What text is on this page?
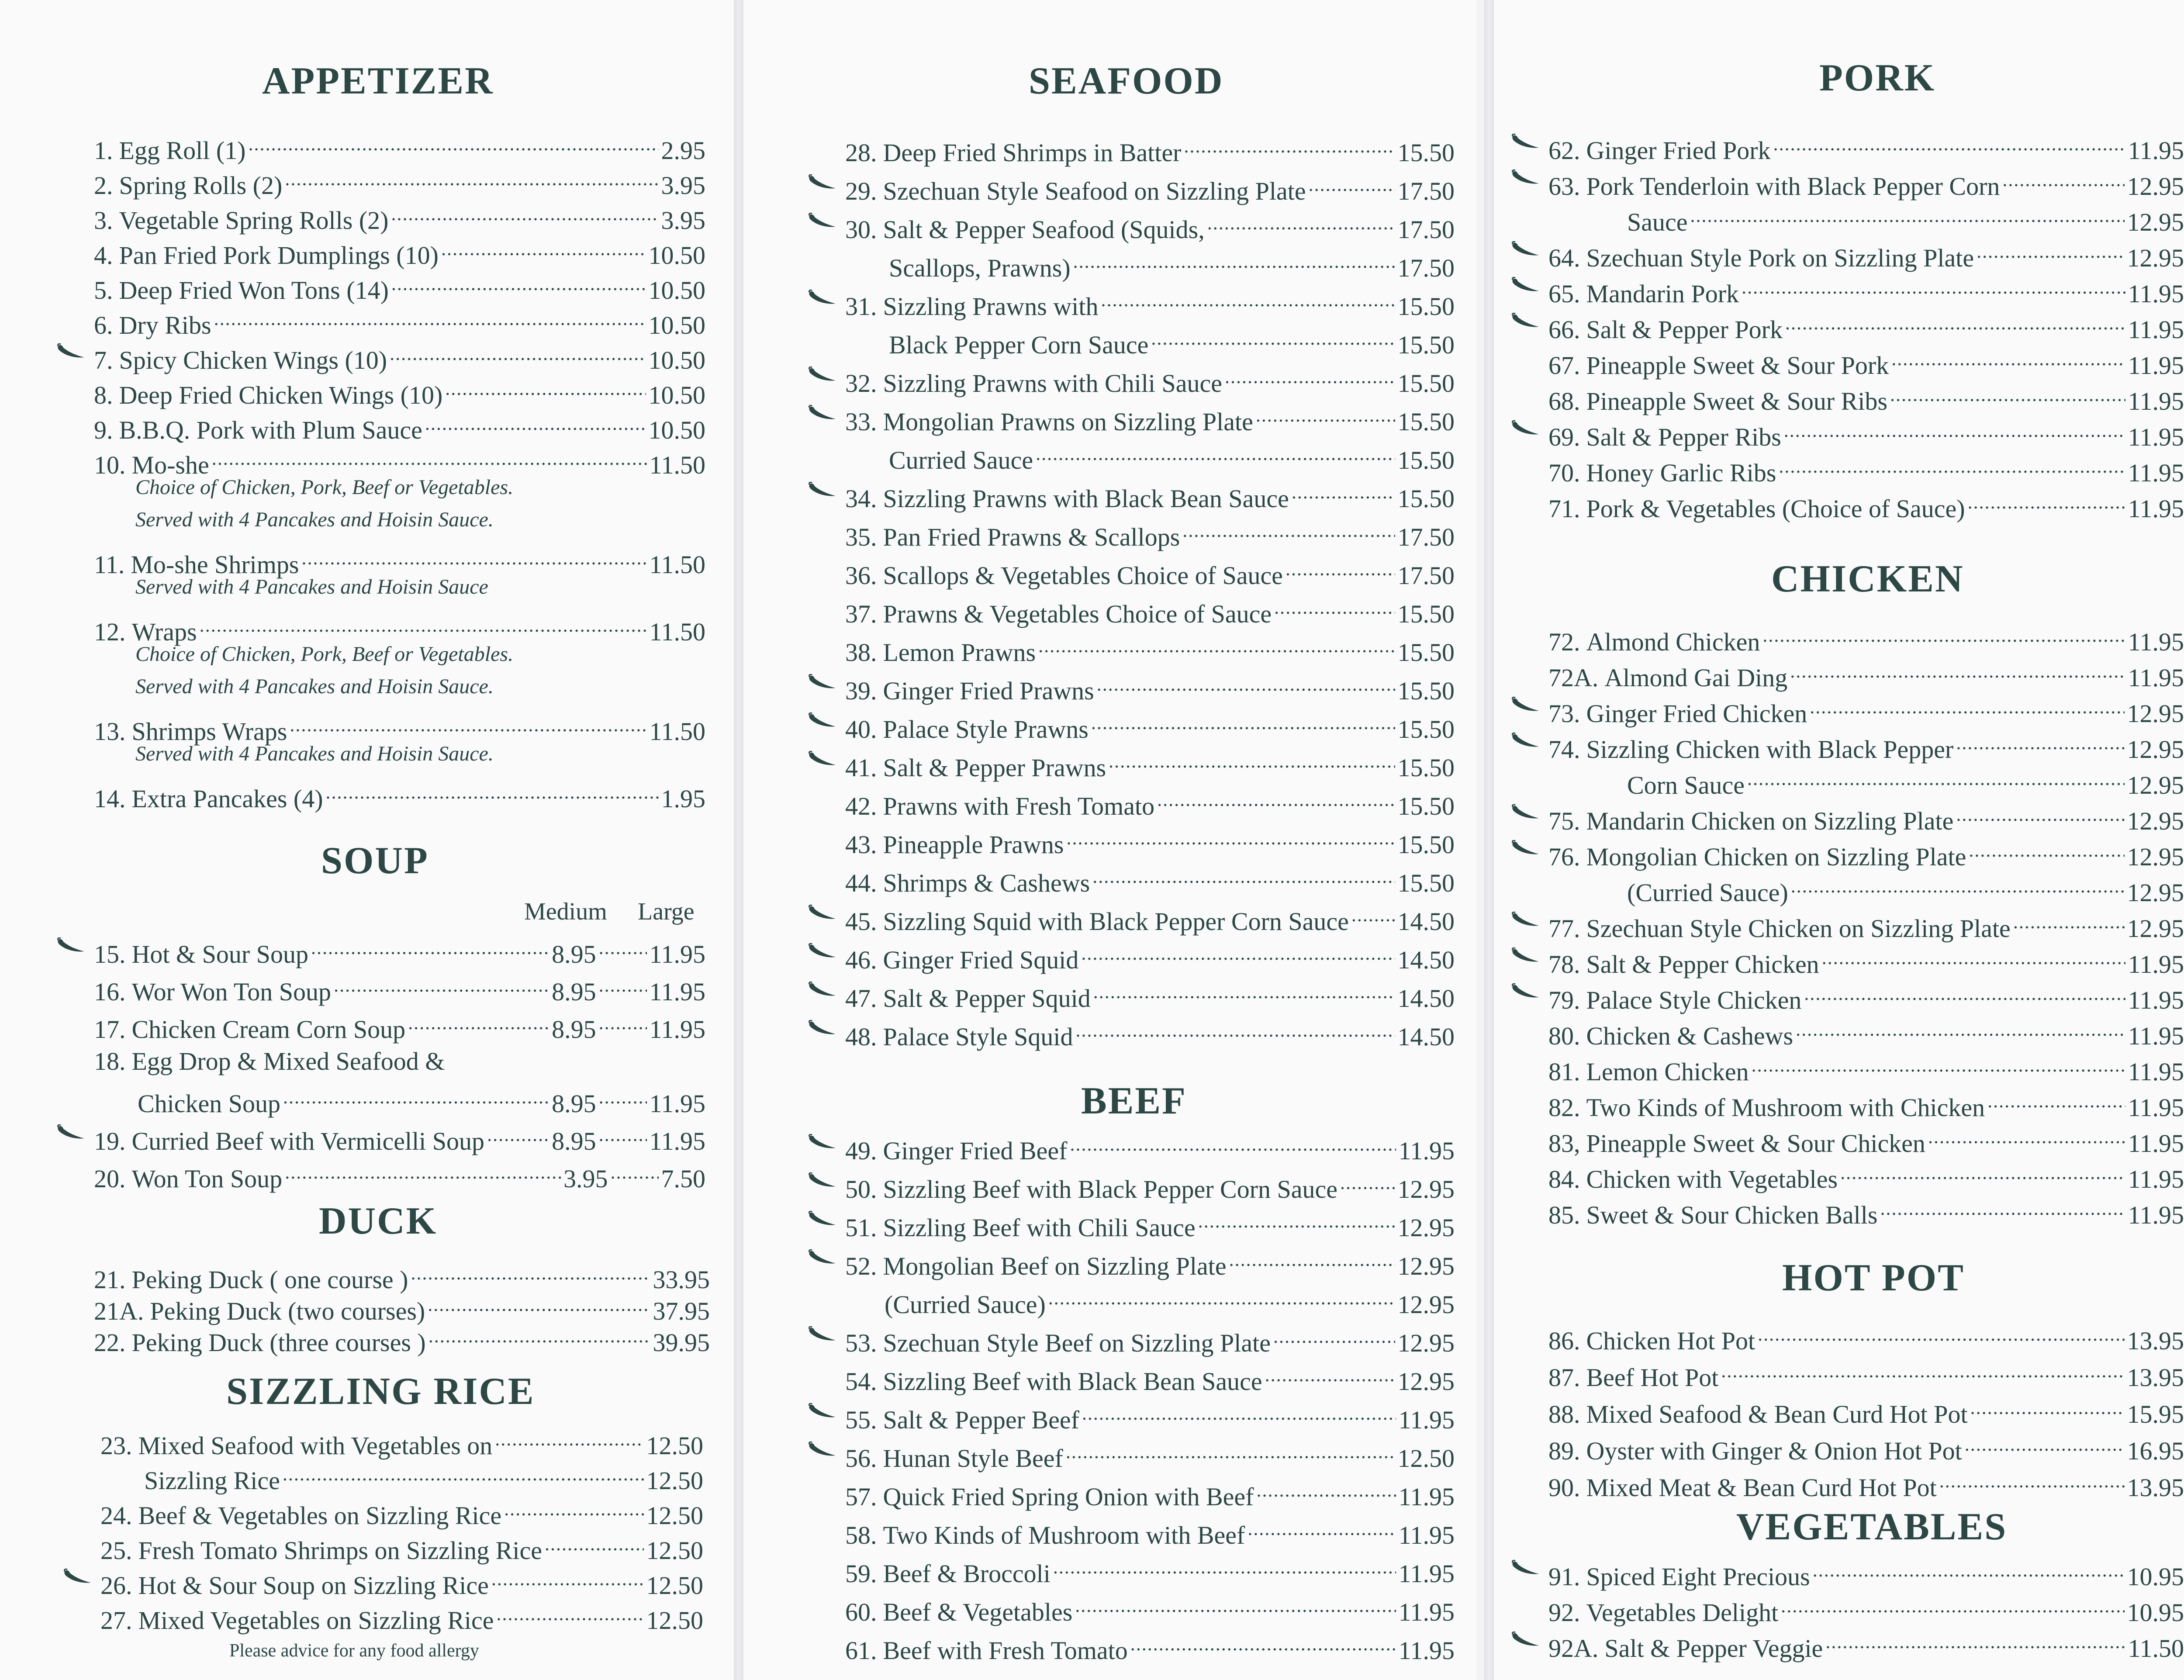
APPETIZER
1. Egg Roll (1) .....	2.95
2. Spring Rolls (2) .....	3.95
3. Vegetable Spring Rolls (2) .....	3.95
4. Pan Fried Pork Dumplings (10) .....	10.50
5. Deep Fried Won Tons (14) .....	10.50
6. Dry Ribs .....	10.50
7. Spicy Chicken Wings (10) .....	10.50
8. Deep Fried Chicken Wings (10) .....	10.50
9. B.B.Q. Pork with Plum Sauce .....	10.50
10. Mo-she .....	11.50
Choice of Chicken, Pork, Beef or Vegetables.
Served with 4 Pancakes and Hoisin Sauce.
11. Mo-she Shrimps .....	11.50
Served with 4 Pancakes and Hoisin Sauce
12. Wraps .....	11.50
Choice of Chicken, Pork, Beef or Vegetables.
Served with 4 Pancakes and Hoisin Sauce.
13. Shrimps Wraps .....	11.50
Served with 4 Pancakes and Hoisin Sauce.
14. Extra Pancakes (4) .....	1.95
SOUP
Medium Large
15. Hot & Sour Soup .....	8.95 ..... 11.95
16. Wor Won Ton Soup .....	8.95 ..... 11.95
17. Chicken Cream Corn Soup .....	8.95 ..... 11.95
18. Egg Drop & Mixed Seafood &
Chicken Soup .....	8.95 ..... 11.95
19. Curried Beef with Vermicelli Soup .....	8.95 ..... 11.95
20. Won Ton Soup .....	3.95 ..... 7.50
DUCK
21. Peking Duck ( one course ) .....	33.95
21A. Peking Duck (two courses) .....	37.95
22. Peking Duck (three courses ) .....	39.95
SIZZLING RICE
23. Mixed Seafood with Vegetables on .....	12.50
Sizzling Rice .....	12.50
24. Beef & Vegetables on Sizzling Rice .....	12.50
25. Fresh Tomato Shrimps on Sizzling Rice .....	12.50
26. Hot & Sour Soup on Sizzling Rice .....	12.50
27. Mixed Vegetables on Sizzling Rice .....	12.50
Please advice for any food allergy
SEAFOOD
28. Deep Fried Shrimps in Batter .....	15.50
29. Szechuan Style Seafood on Sizzling Plate .....	17.50
30. Salt & Pepper Seafood (Squids, .....	17.50
Scallops, Prawns) .....	17.50
31. Sizzling Prawns with .....	15.50
Black Pepper Corn Sauce .....	15.50
32. Sizzling Prawns with Chili Sauce .....	15.50
33. Mongolian Prawns on Sizzling Plate .....	15.50
Curried Sauce .....	15.50
34. Sizzling Prawns with Black Bean Sauce .....	15.50
35. Pan Fried Prawns & Scallops .....	17.50
36. Scallops & Vegetables Choice of Sauce .....	17.50
37. Prawns & Vegetables Choice of Sauce .....	15.50
38. Lemon Prawns .....	15.50
39. Ginger Fried Prawns .....	15.50
40. Palace Style Prawns .....	15.50
41. Salt & Pepper Prawns .....	15.50
42. Prawns with Fresh Tomato .....	15.50
43. Pineapple Prawns .....	15.50
44. Shrimps & Cashews .....	15.50
45. Sizzling Squid with Black Pepper Corn Sauce ..... 14.50
46. Ginger Fried Squid .....	14.50
47. Salt & Pepper Squid .....	14.50
48. Palace Style Squid .....	14.50
BEEF
49. Ginger Fried Beef .....	11.95
50. Sizzling Beef with Black Pepper Corn Sauce ..... 12.95
51. Sizzling Beef with Chili Sauce .....	12.95
52. Mongolian Beef on Sizzling Plate .....	12.95
(Curried Sauce) .....	12.95
53. Szechuan Style Beef on Sizzling Plate .....	12.95
54. Sizzling Beef with Black Bean Sauce .....	12.95
55. Salt & Pepper Beef .....	11.95
56. Hunan Style Beef .....	12.50
57. Quick Fried Spring Onion with Beef .....	11.95
58. Two Kinds of Mushroom with Beef .....	11.95
59. Beef & Broccoli .....	11.95
60. Beef & Vegetables .....	11.95
61. Beef with Fresh Tomato .....	11.95
PORK
62. Ginger Fried Pork .....	11.95
63. Pork Tenderloin with Black Pepper Corn .....	12.95
Sauce .....	12.95
64. Szechuan Style Pork on Sizzling Plate .....	12.95
65. Mandarin Pork .....	11.95
66. Salt & Pepper Pork .....	11.95
67. Pineapple Sweet & Sour Pork .....	11.95
68. Pineapple Sweet & Sour Ribs .....	11.95
69. Salt & Pepper Ribs .....	11.95
70. Honey Garlic Ribs .....	11.95
71. Pork & Vegetables (Choice of Sauce) .....	11.95
CHICKEN
72. Almond Chicken .....	11.95
72A. Almond Gai Ding .....	11.95
73. Ginger Fried Chicken .....	12.95
74. Sizzling Chicken with Black Pepper .....	12.95
Corn Sauce .....	12.95
75. Mandarin Chicken on Sizzling Plate .....	12.95
76. Mongolian Chicken on Sizzling Plate .....	12.95
(Curried Sauce) .....	12.95
77. Szechuan Style Chicken on Sizzling Plate .....	12.95
78. Salt & Pepper Chicken .....	11.95
79. Palace Style Chicken .....	11.95
80. Chicken & Cashews .....	11.95
81. Lemon Chicken .....	11.95
82. Two Kinds of Mushroom with Chicken .....	11.95
83, Pineapple Sweet & Sour Chicken .....	11.95
84. Chicken with Vegetables .....	11.95
85. Sweet & Sour Chicken Balls .....	11.95
HOT POT
86. Chicken Hot Pot .....	13.95
87. Beef Hot Pot .....	13.95
88. Mixed Seafood & Bean Curd Hot Pot .....	15.95
89. Oyster with Ginger & Onion Hot Pot .....	16.95
90. Mixed Meat & Bean Curd Hot Pot .....	13.95
VEGETABLES
91. Spiced Eight Precious .....	10.95
92. Vegetables Delight .....	10.95
92A. Salt & Pepper Veggie .....	11.50
